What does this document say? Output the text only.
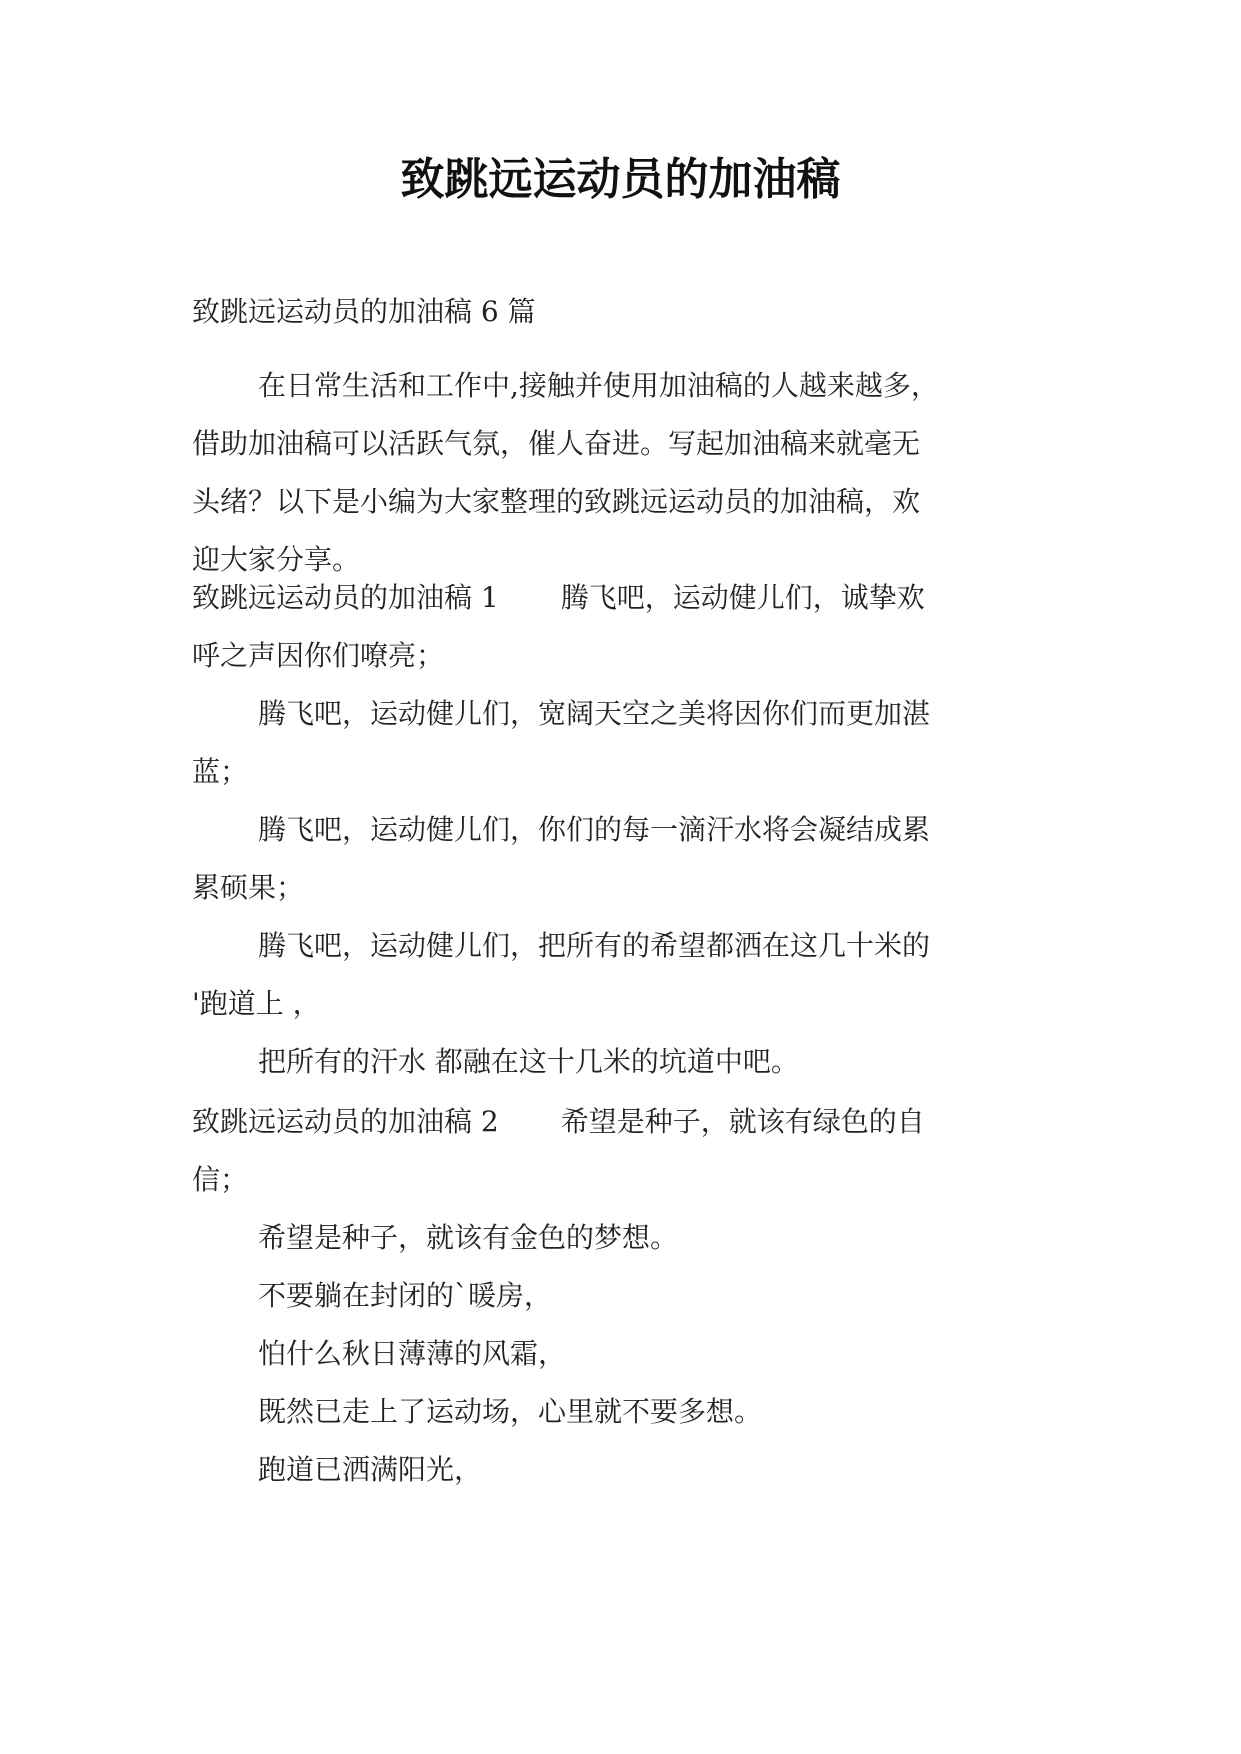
致跳远运动员的加油稿
致跳远运动员的加油稿 6 篇
在日常生活和工作中,接触并使用加油稿的人越来越多，
借助加油稿可以活跃气氛，催人奋进。写起加油稿来就毫无
头绪？以下是小编为大家整理的致跳远运动员的加油稿，欢
迎大家分享。
致跳远运动员的加油稿 1 腾飞吧，运动健儿们，诚挚欢
呼之声因你们嘹亮；
腾飞吧，运动健儿们，宽阔天空之美将因你们而更加湛
蓝；
腾飞吧，运动健儿们，你们的每一滴汗水将会凝结成累
累硕果；
腾飞吧，运动健儿们，把所有的希望都洒在这几十米的
'跑道上 ，
把所有的汗水 都融在这十几米的坑道中吧。
致跳远运动员的加油稿 2 希望是种子，就该有绿色的自
信；
希望是种子，就该有金色的梦想。
不要躺在封闭的`暖房，
怕什么秋日薄薄的风霜，
既然已走上了运动场，心里就不要多想。
跑道已洒满阳光，
